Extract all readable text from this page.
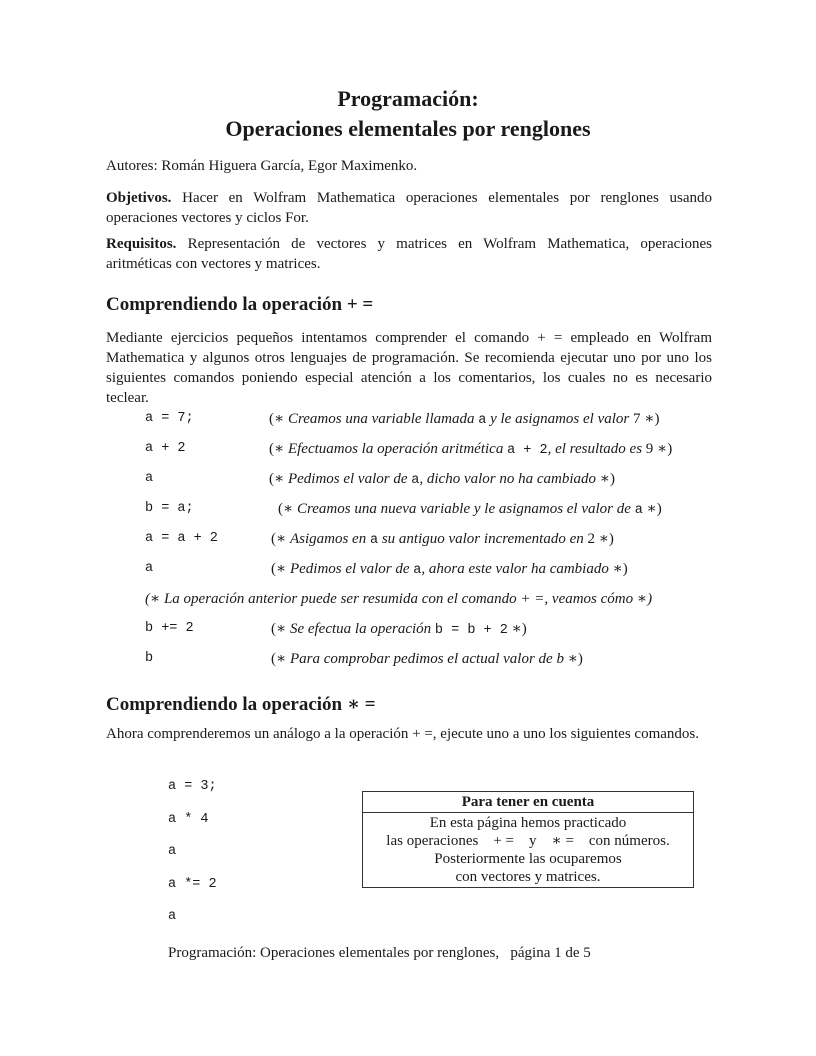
Programación:
Operaciones elementales por renglones

Autores: Román Higuera García, Egor Maximenko.

Objetivos. Hacer en Wolfram Mathematica operaciones elementales por renglones usando operaciones vectores y ciclos For.

Requisitos. Representación de vectores y matrices en Wolfram Mathematica, operaciones aritméticas con vectores y matrices.

Comprendiendo la operación + =

Mediante ejercicios pequeños intentamos comprender el comando + = empleado en Wolfram Mathematica y algunos otros lenguajes de programación. Se recomienda ejecutar uno por uno los siguientes comandos poniendo especial atención a los comentarios, los cuales no es necesario teclear.

a = 7;	(∗ Creamos una variable llamada a y le asignamos el valor 7 ∗)
a + 2	(∗ Efectuamos la operación aritmética a + 2, el resultado es 9 ∗)
a	(∗ Pedimos el valor de a, dicho valor no ha cambiado ∗)
b = a;	(∗ Creamos una nueva variable y le asignamos el valor de a ∗)
a = a + 2	(∗ Asigamos en a su antiguo valor incrementado en 2 ∗)
a	(∗ Pedimos el valor de a, ahora este valor ha cambiado ∗)
(∗ La operación anterior puede ser resumida con el comando + =, veamos cómo ∗)
b += 2	(∗ Se efectua la operación b = b + 2 ∗)
b	(∗ Para comprobar pedimos el actual valor de b ∗)
Comprendiendo la operación ∗ =

Ahora comprenderemos un análogo a la operación + =, ejecute uno a uno los siguientes comandos.

a = 3;
a * 4
a
a *= 2
a
Para tener en cuenta
En esta página hemos practicado
las operaciones    + =    y    ∗ =    con números.
Posteriormente las ocuparemos
con vectores y matrices.
Programación: Operaciones elementales por renglones,   página 1 de 5
